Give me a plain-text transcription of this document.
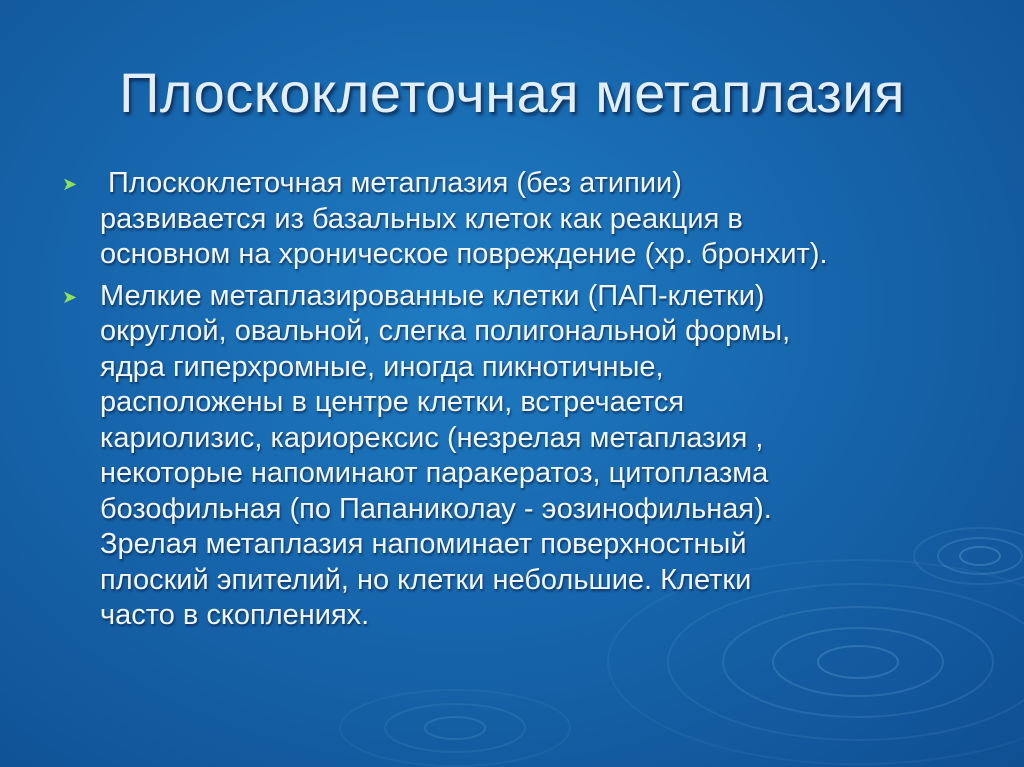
Плоскоклеточная метаплазия
➤ Плоскоклеточная метаплазия (без атипии)
развивается из базальных клеток как реакция в
основном на хроническое повреждение (хр. бронхит).
➤ Мелкие метаплазированные клетки (ПАП-клетки)
округлой, овальной, слегка полигональной формы,
ядра гиперхромные, иногда пикнотичные,
расположены в центре клетки, встречается
кариолизис, кариорексис (незрелая метаплазия ,
некоторые напоминают паракератоз, цитоплазма
бозофильная (по Папаниколау - эозинофильная).
Зрелая метаплазия напоминает поверхностный
плоский эпителий, но клетки небольшие. Клетки
часто в скоплениях.
